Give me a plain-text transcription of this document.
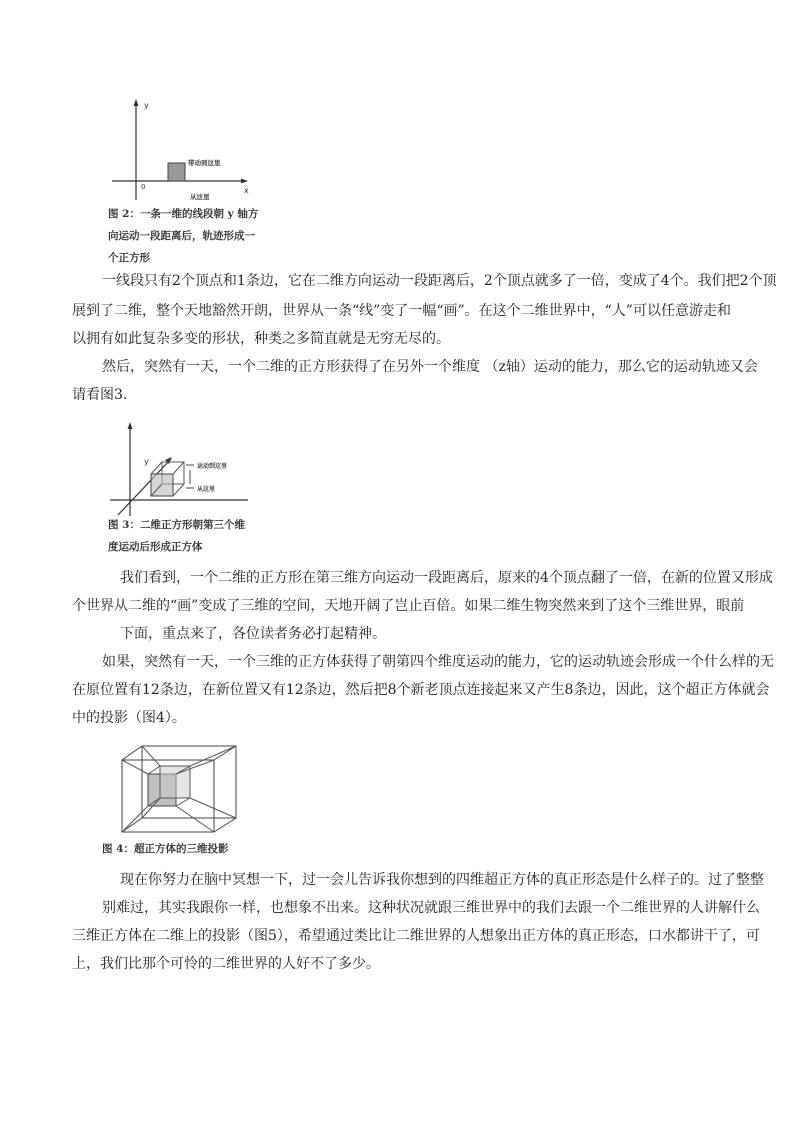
y
x
0
带动到这里
从这里
图 2：一条一维的线段朝 y 轴方
向运动一段距离后，轨迹形成一
个正方形
一线段只有2个顶点和1条边，它在二维方向运动一段距离后，2个顶点就多了一倍，变成了4个。我们把2个顶
展到了二维，整个天地豁然开朗，世界从一条“线”变了一幅“画”。在这个二维世界中，“人”可以任意游走和
以拥有如此复杂多变的形状，种类之多简直就是无穷无尽的。
然后，突然有一天，一个二维的正方形获得了在另外一个维度 （z轴）运动的能力，那么它的运动轨迹又会
请看图3.
y
运动到这里
从这里
图 3：二维正方形朝第三个维
度运动后形成正方体
我们看到，一个二维的正方形在第三维方向运动一段距离后，原来的4个顶点翻了一倍，在新的位置又形成
个世界从二维的“画”变成了三维的空间，天地开阔了岂止百倍。如果二维生物突然来到了这个三维世界，眼前
下面，重点来了，各位读者务必打起精神。
如果，突然有一天，一个三维的正方体获得了朝第四个维度运动的能力，它的运动轨迹会形成一个什么样的无
在原位置有12条边，在新位置又有12条边，然后把8个新老顶点连接起来又产生8条边，因此，这个超正方体就会
中的投影（图4）。
图 4：超正方体的三维投影
现在你努力在脑中冥想一下，过一会儿告诉我你想到的四维超正方体的真正形态是什么样子的。过了整整
别难过，其实我跟你一样，也想象不出来。这种状况就跟三维世界中的我们去跟一个二维世界的人讲解什么
三维正方体在二维上的投影（图5），希望通过类比让二维世界的人想象出正方体的真正形态，口水都讲干了，可
上，我们比那个可怜的二维世界的人好不了多少。
